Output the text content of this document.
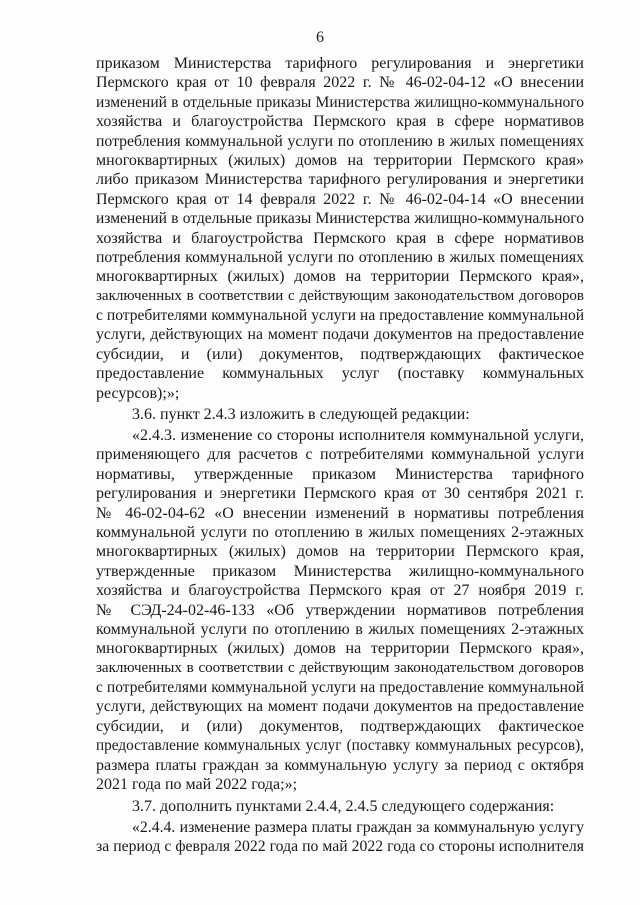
6
приказом Министерства тарифного регулирования и энергетики
Пермского края от 10 февраля 2022 г. № 46-02-04-12 «О внесении
изменений в отдельные приказы Министерства жилищно-коммунального
хозяйства и благоустройства Пермского края в сфере нормативов
потребления коммунальной услуги по отоплению в жилых помещениях
многоквартирных (жилых) домов на территории Пермского края»
либо приказом Министерства тарифного регулирования и энергетики
Пермского края от 14 февраля 2022 г. № 46-02-04-14 «О внесении
изменений в отдельные приказы Министерства жилищно-коммунального
хозяйства и благоустройства Пермского края в сфере нормативов
потребления коммунальной услуги по отоплению в жилых помещениях
многоквартирных (жилых) домов на территории Пермского края»,
заключенных в соответствии с действующим законодательством договоров
с потребителями коммунальной услуги на предоставление коммунальной
услуги, действующих на момент подачи документов на предоставление
субсидии, и (или) документов, подтверждающих фактическое
предоставление коммунальных услуг (поставку коммунальных
ресурсов);»;
3.6. пункт 2.4.3 изложить в следующей редакции:
«2.4.3. изменение со стороны исполнителя коммунальной услуги,
применяющего для расчетов с потребителями коммунальной услуги
нормативы, утвержденные приказом Министерства тарифного
регулирования и энергетики Пермского края от 30 сентября 2021 г.
№ 46-02-04-62 «О внесении изменений в нормативы потребления
коммунальной услуги по отоплению в жилых помещениях 2-этажных
многоквартирных (жилых) домов на территории Пермского края,
утвержденные приказом Министерства жилищно-коммунального
хозяйства и благоустройства Пермского края от 27 ноября 2019 г.
№ СЭД-24-02-46-133 «Об утверждении нормативов потребления
коммунальной услуги по отоплению в жилых помещениях 2-этажных
многоквартирных (жилых) домов на территории Пермского края»,
заключенных в соответствии с действующим законодательством договоров
с потребителями коммунальной услуги на предоставление коммунальной
услуги, действующих на момент подачи документов на предоставление
субсидии, и (или) документов, подтверждающих фактическое
предоставление коммунальных услуг (поставку коммунальных ресурсов),
размера платы граждан за коммунальную услугу за период с октября
2021 года по май 2022 года;»;
3.7. дополнить пунктами 2.4.4, 2.4.5 следующего содержания:
«2.4.4. изменение размера платы граждан за коммунальную услугу
за период с февраля 2022 года по май 2022 года со стороны исполнителя
